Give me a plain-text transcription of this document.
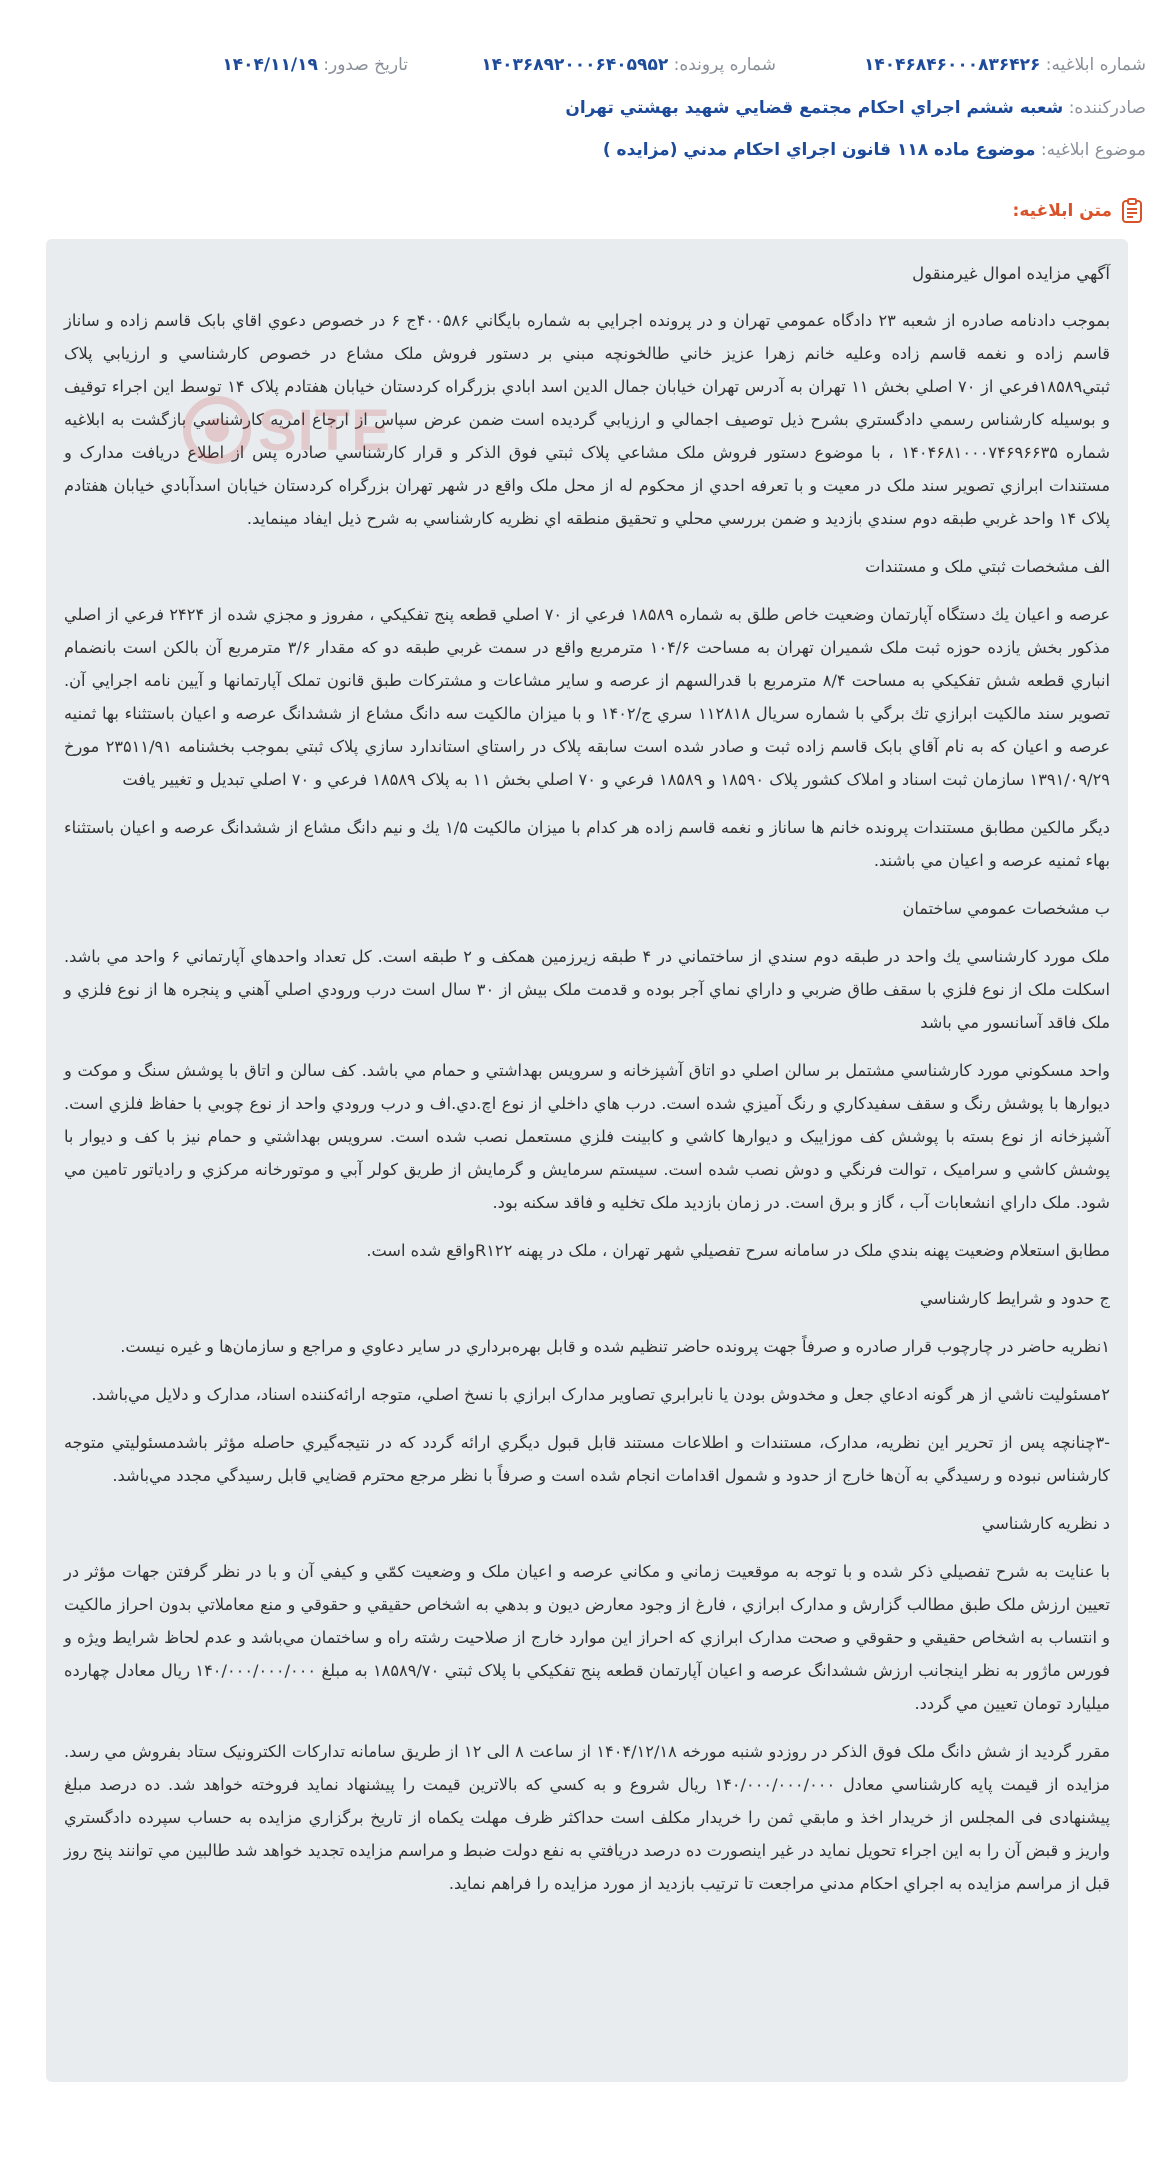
شماره ابلاغيه: ۱۴۰۴۶۸۴۶۰۰۰۸۳۶۴۲۶
شماره پرونده: ۱۴۰۳۶۸۹۲۰۰۰۶۴۰۵۹۵۲
تاريخ صدور: ۱۴۰۴/۱۱/۱۹
صادرکننده: شعبه ششم اجراي احكام مجتمع قضايي شهيد بهشتي تهران
موضوع ابلاغيه: موضوع ماده ۱۱۸ قانون اجراي احكام مدني (مزايده )
متن ابلاغيه:

آگهي مزايده اموال غيرمنقول

بموجب دادنامه صادره از شعبه ۲۳ دادگاه عمومي تهران و در پرونده اجرايي به شماره بايگاني ۴۰۰۵۸۶ج ۶ در خصوص دعوي اقاي بابک قاسم زاده و ساناز قاسم زاده و نغمه قاسم زاده وعليه خانم زهرا عزيز خاني طالخونچه مبني بر دستور فروش ملک مشاع در خصوص كارشناسي و ارزيابي پلاک ثبتي۱۸۵۸۹فرعي از ۷۰ اصلي بخش ۱۱ تهران به آدرس تهران خيابان جمال الدين اسد ابادي بزرگراه كردستان خيابان هفتادم پلاک ۱۴ توسط اين اجراء توقيف و بوسيله كارشناس رسمي دادگستري بشرح ذيل توصيف اجمالي و ارزيابي گرديده است ضمن عرض سپاس از ارجاع امريه كارشناسي بازگشت به ابلاغيه شماره ۱۴۰۴۶۸۱۰۰۰۷۴۶۹۶۶۳۵ ، با موضوع دستور فروش ملک مشاعي پلاک ثبتي فوق الذكر و قرار كارشناسي صادره پس از اطلاع دريافت مدارک و مستندات ابرازي تصوير سند ملک در معيت و با تعرفه احدي از محكوم له از محل ملک واقع در شهر تهران بزرگراه كردستان خيابان اسدآبادي خيابان هفتادم پلاک ۱۴ واحد غربي طبقه دوم سندي بازديد و ضمن بررسي محلي و تحقيق منطقه اي نظريه كارشناسي به شرح ذيل ايفاد مينمايد.

الف مشخصات ثبتي ملک و مستندات

عرصه و اعيان يك دستگاه آپارتمان وضعيت خاص طلق به شماره ۱۸۵۸۹ فرعي از ۷۰ اصلي قطعه پنج تفكيكي ، مفروز و مجزي شده از ۲۴۲۴ فرعي از اصلي مذكور بخش يازده حوزه ثبت ملک شميران تهران به مساحت ۱۰۴/۶ مترمربع واقع در سمت غربي طبقه دو كه مقدار ۳/۶ مترمربع آن بالكن است بانضمام انباري قطعه شش تفكيكي به مساحت ۸/۴ مترمربع با قدرالسهم از عرصه و ساير مشاعات و مشتركات طبق قانون تملک آپارتمانها و آيين نامه اجرايي آن. تصوير سند مالكيت ابرازي تك برگي با شماره سريال ۱۱۲۸۱۸ سري ج/۱۴۰۲ و با ميزان مالكيت سه دانگ مشاع از ششدانگ عرصه و اعيان باستثناء بها ثمنيه عرصه و اعيان كه به نام آقاي بابک قاسم زاده ثبت و صادر شده است سابقه پلاک در راستاي استاندارد سازي پلاک ثبتي بموجب بخشنامه ۲۳۵۱۱/۹۱ مورخ ۱۳۹۱/۰۹/۲۹ سازمان ثبت اسناد و املاک كشور پلاک ۱۸۵۹۰ و ۱۸۵۸۹ فرعي و ۷۰ اصلي بخش ۱۱ به پلاک ۱۸۵۸۹ فرعي و ۷۰ اصلي تبديل و تغيير يافت

ديگر مالكين مطابق مستندات پرونده خانم ها ساناز و نغمه قاسم زاده هر كدام با ميزان مالكيت ۱/۵ يك و نيم دانگ مشاع از ششدانگ عرصه و اعيان باستثناء بهاء ثمنيه عرصه و اعيان مي باشند.

ب مشخصات عمومي ساختمان

ملک مورد كارشناسي يك واحد در طبقه دوم سندي از ساختماني در ۴ طبقه زيرزمين همكف و ۲ طبقه است. كل تعداد واحدهاي آپارتماني ۶ واحد مي باشد. اسكلت ملک از نوع فلزي با سقف طاق ضربي و داراي نماي آجر بوده و قدمت ملک بيش از ۳۰ سال است درب ورودي اصلي آهني و پنجره ها از نوع فلزي و ملک فاقد آسانسور مي باشد

واحد مسكوني مورد كارشناسي مشتمل بر سالن اصلي دو اتاق آشپزخانه و سرويس بهداشتي و حمام مي باشد. كف سالن و اتاق با پوشش سنگ و موكت و ديوارها با پوشش رنگ و سقف سفيدكاري و رنگ آميزي شده است. درب هاي داخلي از نوع اچ.دي.اف و درب ورودي واحد از نوع چوبي با حفاظ فلزي است. آشپزخانه از نوع بسته با پوشش كف موزاييک و ديوارها كاشي و كابينت فلزي مستعمل نصب شده است. سرويس بهداشتي و حمام نيز با كف و ديوار با پوشش كاشي و سراميک ، توالت فرنگي و دوش نصب شده است. سيستم سرمايش و گرمايش از طريق كولر آبي و موتورخانه مركزي و رادياتور تامين مي شود. ملک داراي انشعابات آب ، گاز و برق است. در زمان بازديد ملک تخليه و فاقد سكنه بود.

مطابق استعلام وضعيت پهنه بندي ملک در سامانه سرح تفصيلي شهر تهران ، ملک در پهنه R۱۲۲واقع شده است.

ج حدود و شرايط كارشناسي

۱نظريه حاضر در چارچوب قرار صادره و صرفاً جهت پرونده حاضر تنظيم شده و قابل بهره‌برداري در ساير دعاوي و مراجع و سازمان‌ها و غيره نيست.

۲مسئوليت ناشي از هر گونه ادعاي جعل و مخدوش بودن يا نابرابري تصاوير مدارک ابرازي با نسخ اصلي، متوجه ارائه‌كننده اسناد، مدارک و دلايل مي‌باشد.

-۳چنانچه پس از تحرير اين نظريه، مدارک، مستندات و اطلاعات مستند قابل قبول ديگري ارائه گردد كه در نتيجه‌گيري حاصله مؤثر باشدمسئوليتي متوجه كارشناس نبوده و رسيدگي به آن‌ها خارج از حدود و شمول اقدامات انجام شده است و صرفاً با نظر مرجع محترم قضايي قابل رسيدگي مجدد مي‌باشد.

د نظريه كارشناسي

با عنايت به شرح تفصيلي ذكر شده و با توجه به موقعيت زماني و مكاني عرصه و اعيان ملک و وضعيت كمّي و كيفي آن و با در نظر گرفتن جهات مؤثر در تعيين ارزش ملک طبق مطالب گزارش و مدارک ابرازي ، فارغ از وجود معارض ديون و بدهي به اشخاص حقيقي و حقوقي و منع معاملاتي بدون احراز مالكيت و انتساب به اشخاص حقيقي و حقوقي و صحت مدارک ابرازي كه احراز اين موارد خارج از صلاحيت رشته راه و ساختمان مي‌باشد و عدم لحاظ شرايط ويژه و فورس ماژور به نظر اينجانب ارزش ششدانگ عرصه و اعيان آپارتمان قطعه پنج تفكيكي با پلاک ثبتي ۱۸۵۸۹/۷۰ به مبلغ ۱۴۰/۰۰۰/۰۰۰/۰۰۰ ريال معادل چهارده ميليارد تومان تعيين مي گردد.

مقرر گرديد از شش دانگ ملک فوق الذكر در روزدو شنبه مورخه ۱۴۰۴/۱۲/۱۸ از ساعت ۸ الی ۱۲ از طريق سامانه تداركات الكترونيک ستاد بفروش مي رسد. مزايده از قيمت پايه كارشناسي معادل ۱۴۰/۰۰۰/۰۰۰/۰۰۰ ريال شروع و به كسي كه بالاترين قيمت را پيشنهاد نمايد فروخته خواهد شد. ده درصد مبلغ پيشنهادی فی المجلس از خريدار اخذ و مابقي ثمن را خريدار مكلف است حداكثر ظرف مهلت يكماه از تاريخ برگزاري مزايده به حساب سپرده دادگستري واريز و قبض آن را به اين اجراء تحويل نمايد در غير اينصورت ده درصد دريافتي به نفع دولت ضبط و مراسم مزايده تجديد خواهد شد طالبين مي توانند پنج روز قبل از مراسم مزايده به اجراي احكام مدني مراجعت تا ترتيب بازديد از مورد مزايده را فراهم نمايد.
